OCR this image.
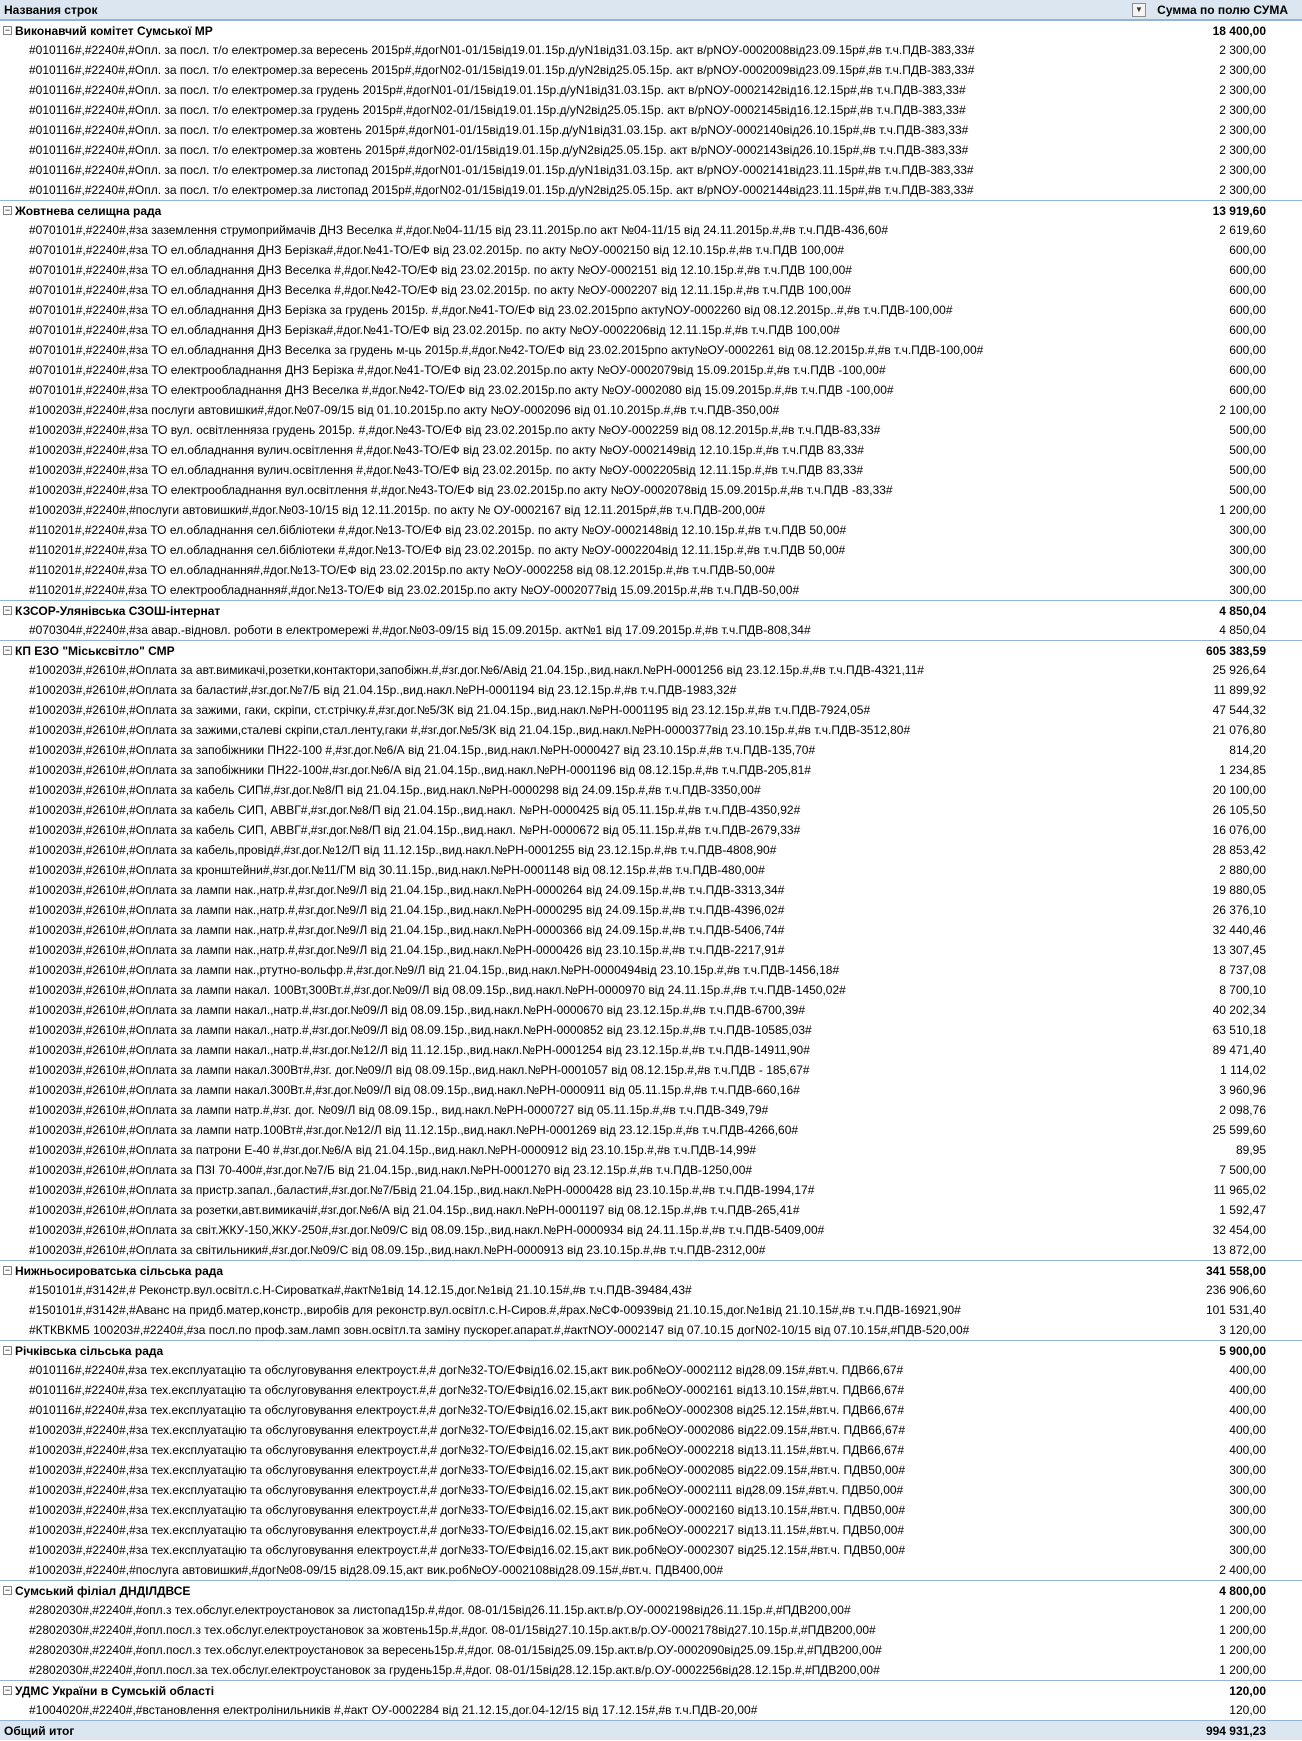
Названия строк	▼ Сумма по полю СУМА
− Виконавчий комітет Сумської МР	18 400,00
#010116#,#2240#,#Опл. за посл. т/о електромер.за вересень 2015р#,#догN01-01/15від19.01.15р.д/уN1від31.03.15р. акт в/рNОУ-0002008від23.09.15р#,#в т.ч.ПДВ-383,33#	2 300,00
#010116#,#2240#,#Опл. за посл. т/о електромер.за вересень 2015р#,#догN02-01/15від19.01.15р.д/уN2від25.05.15р. акт в/рNОУ-0002009від23.09.15р#,#в т.ч.ПДВ-383,33#	2 300,00
#010116#,#2240#,#Опл. за посл. т/о електромер.за грудень 2015р#,#догN01-01/15від19.01.15р.д/уN1від31.03.15р. акт в/рNОУ-0002142від16.12.15р#,#в т.ч.ПДВ-383,33#	2 300,00
#010116#,#2240#,#Опл. за посл. т/о електромер.за грудень 2015р#,#догN02-01/15від19.01.15р.д/уN2від25.05.15р. акт в/рNОУ-0002145від16.12.15р#,#в т.ч.ПДВ-383,33#	2 300,00
#010116#,#2240#,#Опл. за посл. т/о електромер.за жовтень 2015р#,#догN01-01/15від19.01.15р.д/уN1від31.03.15р. акт в/рNОУ-0002140від26.10.15р#,#в т.ч.ПДВ-383,33#	2 300,00
#010116#,#2240#,#Опл. за посл. т/о електромер.за жовтень 2015р#,#догN02-01/15від19.01.15р.д/уN2від25.05.15р. акт в/рNОУ-0002143від26.10.15р#,#в т.ч.ПДВ-383,33#	2 300,00
#010116#,#2240#,#Опл. за посл. т/о електромер.за листопад 2015р#,#догN01-01/15від19.01.15р.д/уN1від31.03.15р. акт в/рNОУ-0002141від23.11.15р#,#в т.ч.ПДВ-383,33#	2 300,00
#010116#,#2240#,#Опл. за посл. т/о електромер.за листопад 2015р#,#догN02-01/15від19.01.15р.д/уN2від25.05.15р. акт в/рNОУ-0002144від23.11.15р#,#в т.ч.ПДВ-383,33#	2 300,00
− Жовтнева селищна рада	13 919,60
#070101#,#2240#,#за заземлення струмоприймачів ДНЗ Веселка #,#дог.№04-11/15 від 23.11.2015р.по акт №04-11/15 від 24.11.2015р.#,#в т.ч.ПДВ-436,60#	2 619,60
#070101#,#2240#,#за ТО ел.обладнання ДНЗ Берізка#,#дог.№41-ТО/ЕФ від 23.02.2015р. по акту №ОУ-0002150 від 12.10.15р.#,#в т.ч.ПДВ 100,00#	600,00
#070101#,#2240#,#за ТО ел.обладнання ДНЗ Веселка #,#дог.№42-ТО/ЕФ від 23.02.2015р. по акту №ОУ-0002151 від 12.10.15р.#,#в т.ч.ПДВ 100,00#	600,00
#070101#,#2240#,#за ТО ел.обладнання ДНЗ Веселка #,#дог.№42-ТО/ЕФ від 23.02.2015р. по акту №ОУ-0002207 від 12.11.15р.#,#в т.ч.ПДВ 100,00#	600,00
#070101#,#2240#,#за ТО ел.обладнання ДНЗ Берізка за грудень 2015р. #,#дог.№41-ТО/ЕФ від 23.02.2015рпо актуNОУ-0002260 від 08.12.2015р..#,#в т.ч.ПДВ-100,00#	600,00
#070101#,#2240#,#за ТО ел.обладнання ДНЗ Берізка#,#дог.№41-ТО/ЕФ від 23.02.2015р. по акту №ОУ-0002206від 12.11.15р.#,#в т.ч.ПДВ 100,00#	600,00
#070101#,#2240#,#за ТО ел.обладнання ДНЗ Веселка за грудень м-ць 2015р.#,#дог.№42-ТО/ЕФ від 23.02.2015рпо акту№ОУ-0002261 від 08.12.2015р.#,#в т.ч.ПДВ-100,00#	600,00
#070101#,#2240#,#за ТО електрообладнання ДНЗ Берізка #,#дог.№41-ТО/ЕФ від 23.02.2015р.по акту №ОУ-0002079від 15.09.2015р.#,#в т.ч.ПДВ -100,00#	600,00
#070101#,#2240#,#за ТО електрообладнання ДНЗ Веселка #,#дог.№42-ТО/ЕФ від 23.02.2015р.по акту №ОУ-0002080 від 15.09.2015р.#,#в т.ч.ПДВ -100,00#	600,00
#100203#,#2240#,#за послуги автовишки#,#дог.№07-09/15 від 01.10.2015р.по акту №ОУ-0002096 від 01.10.2015р.#,#в т.ч.ПДВ-350,00#	2 100,00
#100203#,#2240#,#за ТО вул. освітленняза грудень 2015р. #,#дог.№43-ТО/ЕФ від 23.02.2015р.по акту №ОУ-0002259 від 08.12.2015р.#,#в т.ч.ПДВ-83,33#	500,00
#100203#,#2240#,#за ТО ел.обладнання вулич.освітлення #,#дог.№43-ТО/ЕФ від 23.02.2015р. по акту №ОУ-0002149від 12.10.15р.#,#в т.ч.ПДВ 83,33#	500,00
#100203#,#2240#,#за ТО ел.обладнання вулич.освітлення #,#дог.№43-ТО/ЕФ від 23.02.2015р. по акту №ОУ-0002205від 12.11.15р.#,#в т.ч.ПДВ 83,33#	500,00
#100203#,#2240#,#за ТО електрообладнання вул.освітлення #,#дог.№43-ТО/ЕФ від 23.02.2015р.по акту №ОУ-0002078від 15.09.2015р.#,#в т.ч.ПДВ -83,33#	500,00
#100203#,#2240#,#послуги автовишки#,#дог.№03-10/15 від 12.11.2015р. по акту № ОУ-0002167 від 12.11.2015р#,#в т.ч.ПДВ-200,00#	1 200,00
#110201#,#2240#,#за ТО ел.обладнання сел.бібліотеки #,#дог.№13-ТО/ЕФ від 23.02.2015р. по акту №ОУ-0002148від 12.10.15р.#,#в т.ч.ПДВ 50,00#	300,00
#110201#,#2240#,#за ТО ел.обладнання сел.бібліотеки #,#дог.№13-ТО/ЕФ від 23.02.2015р. по акту №ОУ-0002204від 12.11.15р.#,#в т.ч.ПДВ 50,00#	300,00
#110201#,#2240#,#за ТО ел.обладнання#,#дог.№13-ТО/ЕФ від 23.02.2015р.по акту №ОУ-0002258 від 08.12.2015р.#,#в т.ч.ПДВ-50,00#	300,00
#110201#,#2240#,#за ТО електрообладнання#,#дог.№13-ТО/ЕФ від 23.02.2015р.по акту №ОУ-0002077від 15.09.2015р.#,#в т.ч.ПДВ-50,00#	300,00
− КЗСОР-Улянівська СЗОШ-інтернат	4 850,04
#070304#,#2240#,#за авар.-відновл. роботи в електромережі #,#дог.№03-09/15 від 15.09.2015р. акт№1 від 17.09.2015р.#,#в т.ч.ПДВ-808,34#	4 850,04
− КП ЕЗО "Міськсвітло" СМР	605 383,59
#100203#,#2610#,#Оплата за авт.вимикачі,розетки,контактори,запобіжн.#,#зг.дог.№6/Авід 21.04.15р.,вид.накл.№РН-0001256 від 23.12.15р.#,#в т.ч.ПДВ-4321,11#	25 926,64
#100203#,#2610#,#Оплата за баласти#,#зг.дог.№7/Б від 21.04.15р.,вид.накл.№РН-0001194 від 23.12.15р.#,#в т.ч.ПДВ-1983,32#	11 899,92
#100203#,#2610#,#Оплата за зажими, гаки, скріпи, ст.стрічку.#,#зг.дог.№5/ЗК від 21.04.15р.,вид.накл.№РН-0001195 від 23.12.15р.#,#в т.ч.ПДВ-7924,05#	47 544,32
#100203#,#2610#,#Оплата за зажими,сталеві скріпи,стал.ленту,гаки #,#зг.дог.№5/ЗК від 21.04.15р.,вид.накл.№РН-0000377від 23.10.15р.#,#в т.ч.ПДВ-3512,80#	21 076,80
#100203#,#2610#,#Оплата за запобіжники ПН22-100 #,#зг.дог.№6/А від 21.04.15р.,вид.накл.№РН-0000427 від 23.10.15р.#,#в т.ч.ПДВ-135,70#	814,20
#100203#,#2610#,#Оплата за запобіжники ПН22-100#,#зг.дог.№6/А від 21.04.15р.,вид.накл.№РН-0001196 від 08.12.15р.#,#в т.ч.ПДВ-205,81#	1 234,85
#100203#,#2610#,#Оплата за кабель СИП#,#зг.дог.№8/П від 21.04.15р.,вид.накл.№РН-0000298 від 24.09.15р.#,#в т.ч.ПДВ-3350,00#	20 100,00
#100203#,#2610#,#Оплата за кабель СИП, АВВГ#,#зг.дог.№8/П від 21.04.15р.,вид.накл. №РН-0000425 від 05.11.15р.#,#в т.ч.ПДВ-4350,92#	26 105,50
#100203#,#2610#,#Оплата за кабель СИП, АВВГ#,#зг.дог.№8/П від 21.04.15р.,вид.накл. №РН-0000672 від 05.11.15р.#,#в т.ч.ПДВ-2679,33#	16 076,00
#100203#,#2610#,#Оплата за кабель,провід#,#зг.дог.№12/П від 11.12.15р.,вид.накл.№РН-0001255 від 23.12.15р.#,#в т.ч.ПДВ-4808,90#	28 853,42
#100203#,#2610#,#Оплата за кронштейни#,#зг.дог.№11/ГМ від 30.11.15р.,вид.накл.№РН-0001148 від 08.12.15р.#,#в т.ч.ПДВ-480,00#	2 880,00
#100203#,#2610#,#Оплата за лампи нак.,натр.#,#зг.дог.№9/Л від 21.04.15р.,вид.накл.№РН-0000264 від 24.09.15р.#,#в т.ч.ПДВ-3313,34#	19 880,05
#100203#,#2610#,#Оплата за лампи нак.,натр.#,#зг.дог.№9/Л від 21.04.15р.,вид.накл.№РН-0000295 від 24.09.15р.#,#в т.ч.ПДВ-4396,02#	26 376,10
#100203#,#2610#,#Оплата за лампи нак.,натр.#,#зг.дог.№9/Л від 21.04.15р.,вид.накл.№РН-0000366 від 24.09.15р.#,#в т.ч.ПДВ-5406,74#	32 440,46
#100203#,#2610#,#Оплата за лампи нак.,натр.#,#зг.дог.№9/Л від 21.04.15р.,вид.накл.№РН-0000426 від 23.10.15р.#,#в т.ч.ПДВ-2217,91#	13 307,45
#100203#,#2610#,#Оплата за лампи нак.,ртутно-вольфр.#,#зг.дог.№9/Л від 21.04.15р.,вид.накл.№РН-0000494від 23.10.15р.#,#в т.ч.ПДВ-1456,18#	8 737,08
#100203#,#2610#,#Оплата за лампи накал. 100Вт,300Вт.#,#зг.дог.№09/Л від 08.09.15р.,вид.накл.№РН-0000970 від 24.11.15р.#,#в т.ч.ПДВ-1450,02#	8 700,10
#100203#,#2610#,#Оплата за лампи накал.,натр.#,#зг.дог.№09/Л від 08.09.15р.,вид.накл.№РН-0000670 від 23.12.15р.#,#в т.ч.ПДВ-6700,39#	40 202,34
#100203#,#2610#,#Оплата за лампи накал.,натр.#,#зг.дог.№09/Л від 08.09.15р.,вид.накл.№РН-0000852 від 23.12.15р.#,#в т.ч.ПДВ-10585,03#	63 510,18
#100203#,#2610#,#Оплата за лампи накал.,натр.#,#зг.дог.№12/Л від 11.12.15р.,вид.накл.№РН-0001254 від 23.12.15р.#,#в т.ч.ПДВ-14911,90#	89 471,40
#100203#,#2610#,#Оплата за лампи накал.300Вт#,#зг. дог.№09/Л від 08.09.15р.,вид.накл.№РН-0001057 від 08.12.15р.#,#в т.ч.ПДВ - 185,67#	1 114,02
#100203#,#2610#,#Оплата за лампи накал.300Вт.#,#зг.дог.№09/Л від 08.09.15р.,вид.накл.№РН-0000911 від 05.11.15р.#,#в т.ч.ПДВ-660,16#	3 960,96
#100203#,#2610#,#Оплата за лампи натр.#,#зг. дог. №09/Л від 08.09.15р., вид.накл.№РН-0000727 від 05.11.15р.#,#в т.ч.ПДВ-349,79#	2 098,76
#100203#,#2610#,#Оплата за лампи натр.100Вт#,#зг.дог.№12/Л від 11.12.15р.,вид.накл.№РН-0001269 від 23.12.15р.#,#в т.ч.ПДВ-4266,60#	25 599,60
#100203#,#2610#,#Оплата за патрони Е-40 #,#зг.дог.№6/А від 21.04.15р.,вид.накл.№РН-0000912 від 23.10.15р.#,#в т.ч.ПДВ-14,99#	89,95
#100203#,#2610#,#Оплата за ПЗІ 70-400#,#зг.дог.№7/Б від 21.04.15р.,вид.накл.№РН-0001270 від 23.12.15р.#,#в т.ч.ПДВ-1250,00#	7 500,00
#100203#,#2610#,#Оплата за пристр.запал.,баласти#,#зг.дог.№7/Бвід 21.04.15р.,вид.накл.№РН-0000428 від 23.10.15р.#,#в т.ч.ПДВ-1994,17#	11 965,02
#100203#,#2610#,#Оплата за розетки,авт.вимикачі#,#зг.дог.№6/А від 21.04.15р.,вид.накл.№РН-0001197 від 08.12.15р.#,#в т.ч.ПДВ-265,41#	1 592,47
#100203#,#2610#,#Оплата за світ.ЖКУ-150,ЖКУ-250#,#зг.дог.№09/С від 08.09.15р.,вид.накл.№РН-0000934 від 24.11.15р.#,#в т.ч.ПДВ-5409,00#	32 454,00
#100203#,#2610#,#Оплата за світильники#,#зг.дог.№09/С від 08.09.15р.,вид.накл.№РН-0000913 від 23.10.15р.#,#в т.ч.ПДВ-2312,00#	13 872,00
− Нижньосироватська сільська рада	341 558,00
#150101#,#3142#,# Реконстр.вул.освітл.с.Н-Сироватка#,#акт№1від 14.12.15,дог.№1від 21.10.15#,#в т.ч.ПДВ-39484,43#	236 906,60
#150101#,#3142#,#Аванс на придб.матер,констр.,виробів для реконстр.вул.освітл.с.Н-Сиров.#,#рах.№СФ-00939від 21.10.15,дог.№1від 21.10.15#,#в т.ч.ПДВ-16921,90#	101 531,40
#КТКВКМБ 100203#,#2240#,#за посл.по проф.зам.ламп зовн.освітл.та заміну пускорег.апарат.#,#актNОУ-0002147 від 07.10.15 догN02-10/15 від 07.10.15#,#ПДВ-520,00#	3 120,00
− Річківська сільська рада	5 900,00
#010116#,#2240#,#за тех.експлуатацію та обслуговування електроуст.#,# дог№32-ТО/ЕФвід16.02.15,акт вик.роб№ОУ-0002112 від28.09.15#,#вт.ч. ПДВ66,67#	400,00
#010116#,#2240#,#за тех.експлуатацію та обслуговування електроуст.#,# дог№32-ТО/ЕФвід16.02.15,акт вик.роб№ОУ-0002161 від13.10.15#,#вт.ч. ПДВ66,67#	400,00
#010116#,#2240#,#за тех.експлуатацію та обслуговування електроуст.#,# дог№32-ТО/ЕФвід16.02.15,акт вик.роб№ОУ-0002308 від25.12.15#,#вт.ч. ПДВ66,67#	400,00
#100203#,#2240#,#за тех.експлуатацію та обслуговування електроуст.#,# дог№32-ТО/ЕФвід16.02.15,акт вик.роб№ОУ-0002086 від22.09.15#,#вт.ч. ПДВ66,67#	400,00
#100203#,#2240#,#за тех.експлуатацію та обслуговування електроуст.#,# дог№32-ТО/ЕФвід16.02.15,акт вик.роб№ОУ-0002218 від13.11.15#,#вт.ч. ПДВ66,67#	400,00
#100203#,#2240#,#за тех.експлуатацію та обслуговування електроуст.#,# дог№33-ТО/ЕФвід16.02.15,акт вик.роб№ОУ-0002085 від22.09.15#,#вт.ч. ПДВ50,00#	300,00
#100203#,#2240#,#за тех.експлуатацію та обслуговування електроуст.#,# дог№33-ТО/ЕФвід16.02.15,акт вик.роб№ОУ-0002111 від28.09.15#,#вт.ч. ПДВ50,00#	300,00
#100203#,#2240#,#за тех.експлуатацію та обслуговування електроуст.#,# дог№33-ТО/ЕФвід16.02.15,акт вик.роб№ОУ-0002160 від13.10.15#,#вт.ч. ПДВ50,00#	300,00
#100203#,#2240#,#за тех.експлуатацію та обслуговування електроуст.#,# дог№33-ТО/ЕФвід16.02.15,акт вик.роб№ОУ-0002217 від13.11.15#,#вт.ч. ПДВ50,00#	300,00
#100203#,#2240#,#за тех.експлуатацію та обслуговування електроуст.#,# дог№33-ТО/ЕФвід16.02.15,акт вик.роб№ОУ-0002307 від25.12.15#,#вт.ч. ПДВ50,00#	300,00
#100203#,#2240#,#послуга автовишки#,#дог№08-09/15 від28.09.15,акт вик.роб№ОУ-0002108від28.09.15#,#вт.ч. ПДВ400,00#	2 400,00
− Сумський філіал ДНДІЛДВСЕ	4 800,00
#2802030#,#2240#,#опл.з тех.обслуг.електроустановок за листопад15р.#,#дог. 08-01/15від26.11.15р.акт.в/р.ОУ-0002198від26.11.15р.#,#ПДВ200,00#	1 200,00
#2802030#,#2240#,#опл.посл.з тех.обслуг.електроустановок за жовтень15р.#,#дог. 08-01/15від27.10.15р.акт.в/р.ОУ-0002178від27.10.15р.#,#ПДВ200,00#	1 200,00
#2802030#,#2240#,#опл.посл.з тех.обслуг.електроустановок за вересень15р.#,#дог. 08-01/15від25.09.15р.акт.в/р.ОУ-0002090від25.09.15р.#,#ПДВ200,00#	1 200,00
#2802030#,#2240#,#опл.посл.за тех.обслуг.електроустановок за грудень15р.#,#дог. 08-01/15від28.12.15р.акт.в/р.ОУ-0002256від28.12.15р.#,#ПДВ200,00#	1 200,00
− УДМС України в Сумській області	120,00
#1004020#,#2240#,#встановлення електролінильників #,#акт ОУ-0002284 від 21.12.15,дог.04-12/15 від 17.12.15#,#в т.ч.ПДВ-20,00#	120,00
Общий итог	994 931,23
